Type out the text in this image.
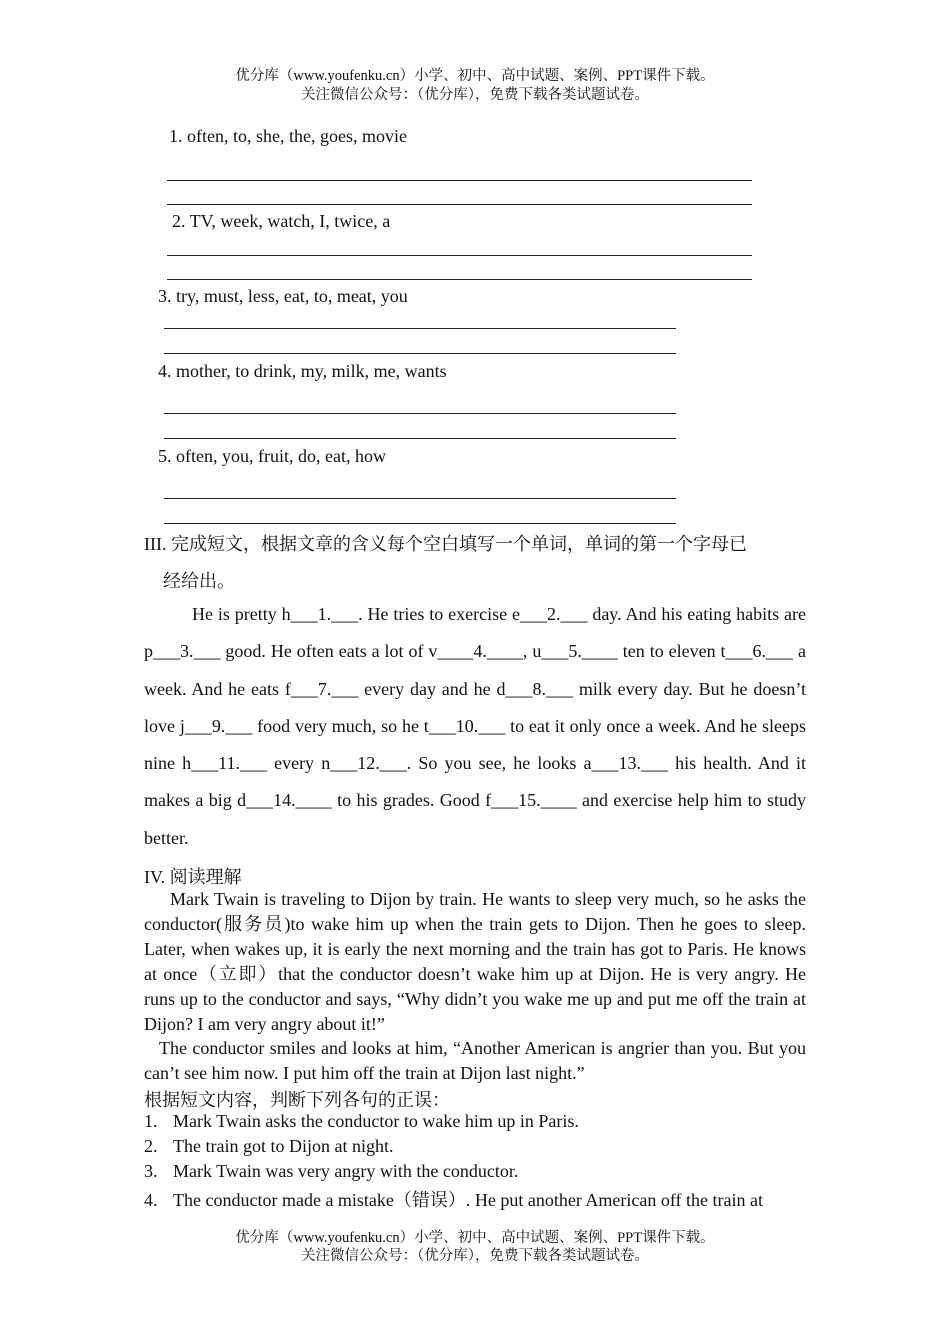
优分库（www.youfenku.cn）小学、初中、高中试题、案例、PPT课件下载。
关注微信公众号：（优分库），免费下载各类试题试卷。
1. often, to, she, the, goes, movie
2. TV, week, watch, I, twice, a
3. try, must, less, eat, to, meat, you
4. mother, to drink, my, milk, me, wants
5. often, you, fruit, do, eat, how
III. 完成短文，根据文章的含义每个空白填写一个单词，单词的第一个字母已
经给出。
He is pretty h___1.___. He tries to exercise e___2.___ day. And his eating habits are p___3.___ good. He often eats a lot of v____4.____, u___5.____ ten to eleven t___6.___ a week. And he eats f___7.___ every day and he d___8.___ milk every day. But he doesn’t love j___9.___ food very much, so he t___10.___ to eat it only once a week. And he sleeps nine h___11.___ every n___12.___. So you see, he looks a___13.___ his health. And it makes a big d___14.____ to his grades. Good f___15.____ and exercise help him to study better.
IV. 阅读理解
Mark Twain is traveling to Dijon by train. He wants to sleep very much, so he asks the conductor(服务员)to wake him up when the train gets to Dijon. Then he goes to sleep. Later, when wakes up, it is early the next morning and the train has got to Paris. He knows at once（立即）that the conductor doesn’t wake him up at Dijon. He is very angry. He runs up to the conductor and says, “Why didn’t you wake me up and put me off the train at Dijon? I am very angry about it!”
The conductor smiles and looks at him, “Another American is angrier than you. But you can’t see him now. I put him off the train at Dijon last night.”
根据短文内容，判断下列各句的正误：
1. Mark Twain asks the conductor to wake him up in Paris.
2. The train got to Dijon at night.
3. Mark Twain was very angry with the conductor.
4. The conductor made a mistake（错误）. He put another American off the train at
优分库（www.youfenku.cn）小学、初中、高中试题、案例、PPT课件下载。
关注微信公众号：（优分库），免费下载各类试题试卷。
